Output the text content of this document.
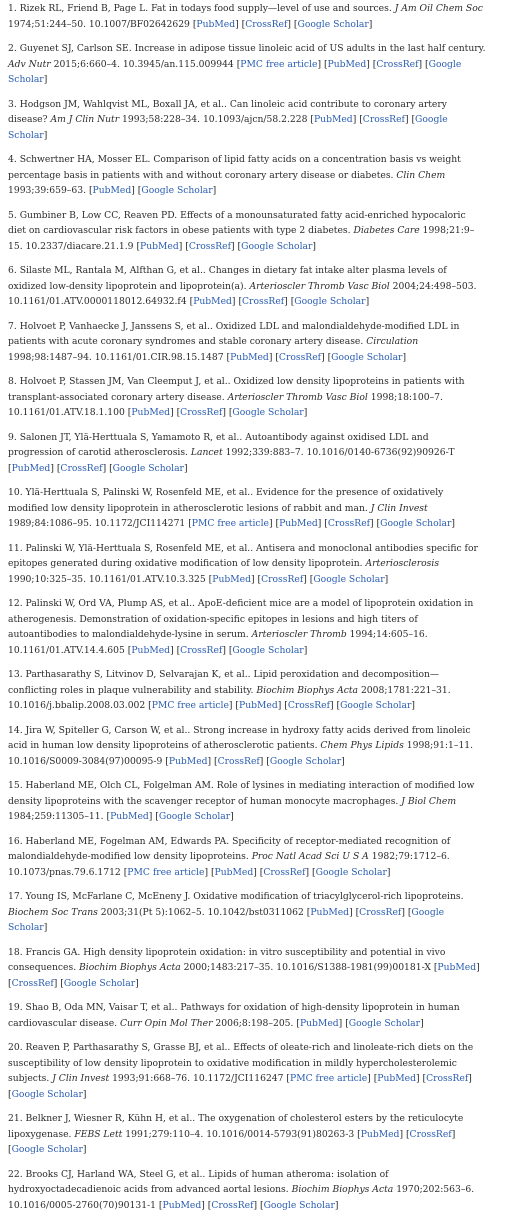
1. Rizek RL, Friend B, Page L. Fat in todays food supply—level of use and sources. J Am Oil Chem Soc 1974;51:244–50. 10.1007/BF02642629 [PubMed] [CrossRef] [Google Scholar]
2. Guyenet SJ, Carlson SE. Increase in adipose tissue linoleic acid of US adults in the last half century. Adv Nutr 2015;6:660–4. 10.3945/an.115.009944 [PMC free article] [PubMed] [CrossRef] [Google Scholar]
3. Hodgson JM, Wahlqvist ML, Boxall JA, et al.. Can linoleic acid contribute to coronary artery disease? Am J Clin Nutr 1993;58:228–34. 10.1093/ajcn/58.2.228 [PubMed] [CrossRef] [Google Scholar]
4. Schwertner HA, Mosser EL. Comparison of lipid fatty acids on a concentration basis vs weight percentage basis in patients with and without coronary artery disease or diabetes. Clin Chem 1993;39:659–63. [PubMed] [Google Scholar]
5. Gumbiner B, Low CC, Reaven PD. Effects of a monounsaturated fatty acid-enriched hypocaloric diet on cardiovascular risk factors in obese patients with type 2 diabetes. Diabetes Care 1998;21:9–15. 10.2337/diacare.21.1.9 [PubMed] [CrossRef] [Google Scholar]
6. Silaste ML, Rantala M, Alfthan G, et al.. Changes in dietary fat intake alter plasma levels of oxidized low-density lipoprotein and lipoprotein(a). Arterioscler Thromb Vasc Biol 2004;24:498–503. 10.1161/01.ATV.0000118012.64932.f4 [PubMed] [CrossRef] [Google Scholar]
7. Holvoet P, Vanhaecke J, Janssens S, et al.. Oxidized LDL and malondialdehyde-modified LDL in patients with acute coronary syndromes and stable coronary artery disease. Circulation 1998;98:1487–94. 10.1161/01.CIR.98.15.1487 [PubMed] [CrossRef] [Google Scholar]
8. Holvoet P, Stassen JM, Van Cleemput J, et al.. Oxidized low density lipoproteins in patients with transplant-associated coronary artery disease. Arterioscler Thromb Vasc Biol 1998;18:100–7. 10.1161/01.ATV.18.1.100 [PubMed] [CrossRef] [Google Scholar]
9. Salonen JT, Ylä-Herttuala S, Yamamoto R, et al.. Autoantibody against oxidised LDL and progression of carotid atherosclerosis. Lancet 1992;339:883–7. 10.1016/0140-6736(92)90926-T [PubMed] [CrossRef] [Google Scholar]
10. Ylä-Herttuala S, Palinski W, Rosenfeld ME, et al.. Evidence for the presence of oxidatively modified low density lipoprotein in atherosclerotic lesions of rabbit and man. J Clin Invest 1989;84:1086–95. 10.1172/JCI114271 [PMC free article] [PubMed] [CrossRef] [Google Scholar]
11. Palinski W, Ylä-Herttuala S, Rosenfeld ME, et al.. Antisera and monoclonal antibodies specific for epitopes generated during oxidative modification of low density lipoprotein. Arteriosclerosis 1990;10:325–35. 10.1161/01.ATV.10.3.325 [PubMed] [CrossRef] [Google Scholar]
12. Palinski W, Ord VA, Plump AS, et al.. ApoE-deficient mice are a model of lipoprotein oxidation in atherogenesis. Demonstration of oxidation-specific epitopes in lesions and high titers of autoantibodies to malondialdehyde-lysine in serum. Arterioscler Thromb 1994;14:605–16. 10.1161/01.ATV.14.4.605 [PubMed] [CrossRef] [Google Scholar]
13. Parthasarathy S, Litvinov D, Selvarajan K, et al.. Lipid peroxidation and decomposition—conflicting roles in plaque vulnerability and stability. Biochim Biophys Acta 2008;1781:221–31. 10.1016/j.bbalip.2008.03.002 [PMC free article] [PubMed] [CrossRef] [Google Scholar]
14. Jira W, Spiteller G, Carson W, et al.. Strong increase in hydroxy fatty acids derived from linoleic acid in human low density lipoproteins of atherosclerotic patients. Chem Phys Lipids 1998;91:1–11. 10.1016/S0009-3084(97)00095-9 [PubMed] [CrossRef] [Google Scholar]
15. Haberland ME, Olch CL, Folgelman AM. Role of lysines in mediating interaction of modified low density lipoproteins with the scavenger receptor of human monocyte macrophages. J Biol Chem 1984;259:11305–11. [PubMed] [Google Scholar]
16. Haberland ME, Fogelman AM, Edwards PA. Specificity of receptor-mediated recognition of malondialdehyde-modified low density lipoproteins. Proc Natl Acad Sci U S A 1982;79:1712–6. 10.1073/pnas.79.6.1712 [PMC free article] [PubMed] [CrossRef] [Google Scholar]
17. Young IS, McFarlane C, McEneny J. Oxidative modification of triacylglycerol-rich lipoproteins. Biochem Soc Trans 2003;31(Pt 5):1062–5. 10.1042/bst0311062 [PubMed] [CrossRef] [Google Scholar]
18. Francis GA. High density lipoprotein oxidation: in vitro susceptibility and potential in vivo consequences. Biochim Biophys Acta 2000;1483:217–35. 10.1016/S1388-1981(99)00181-X [PubMed] [CrossRef] [Google Scholar]
19. Shao B, Oda MN, Vaisar T, et al.. Pathways for oxidation of high-density lipoprotein in human cardiovascular disease. Curr Opin Mol Ther 2006;8:198–205. [PubMed] [Google Scholar]
20. Reaven P, Parthasarathy S, Grasse BJ, et al.. Effects of oleate-rich and linoleate-rich diets on the susceptibility of low density lipoprotein to oxidative modification in mildly hypercholesterolemic subjects. J Clin Invest 1993;91:668–76. 10.1172/JCI116247 [PMC free article] [PubMed] [CrossRef] [Google Scholar]
21. Belkner J, Wiesner R, Kühn H, et al.. The oxygenation of cholesterol esters by the reticulocyte lipoxygenase. FEBS Lett 1991;279:110–4. 10.1016/0014-5793(91)80263-3 [PubMed] [CrossRef] [Google Scholar]
22. Brooks CJ, Harland WA, Steel G, et al.. Lipids of human atheroma: isolation of hydroxyoctadecadienoic acids from advanced aortal lesions. Biochim Biophys Acta 1970;202:563–6. 10.1016/0005-2760(70)90131-1 [PubMed] [CrossRef] [Google Scholar]
